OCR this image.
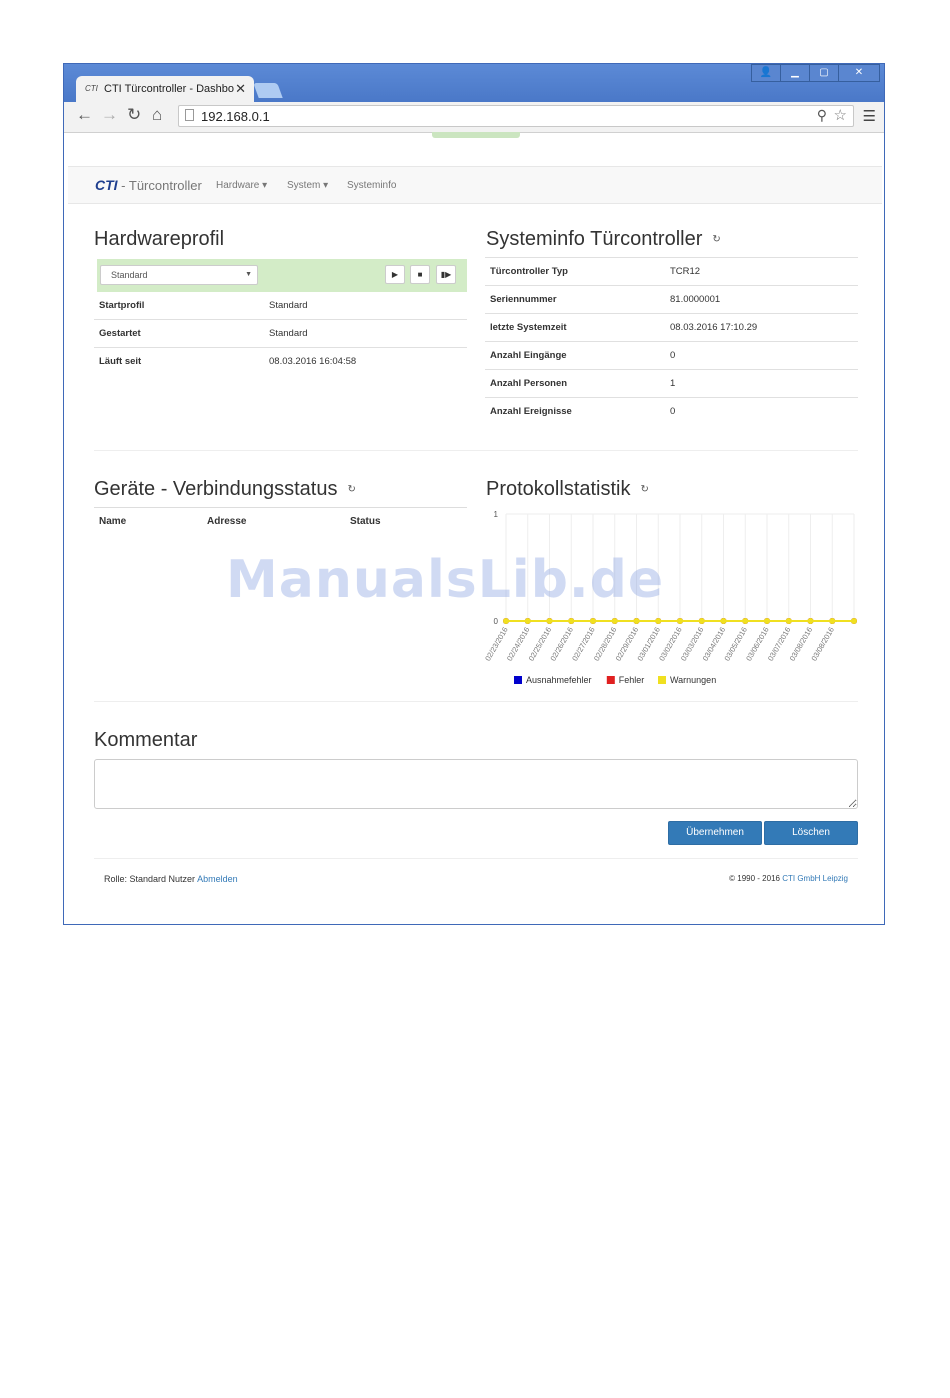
CTI CTI Türcontroller - Dashbo ✕
👤	▁	▢	✕
← → ↻ ⌂	192.168.0.1	⚲ ☆ ☰
CTI - Türcontroller Hardware ▾ System ▾ Systeminfo
Hardwareprofil
Standard	▼	▶	■	▮▶
Startprofil	Standard
Gestartet	Standard
Läuft seit	08.03.2016 16:04:58
Systeminfo Türcontroller ↻
Türcontroller Typ	TCR12
Seriennummer	81.0000001
letzte Systemzeit	08.03.2016 17:10.29
Anzahl Eingänge	0
Anzahl Personen	1
Anzahl Ereignisse	0
Geräte - Verbindungsstatus ↻
Name	Adresse	Status
Protokollstatistik ↻
0
1
02/23/2016
02/24/2016
02/25/2016
02/26/2016
02/27/2016
02/28/2016
02/29/2016
03/01/2016
03/02/2016
03/03/2016
03/04/2016
03/05/2016
03/06/2016
03/07/2016
03/08/2016
03/08/2016
Ausnahmefehler	Fehler	Warnungen
Kommentar
Übernehmen	Löschen
Rolle: Standard Nutzer Abmelden	© 1990 - 2016 CTI GmbH Leipzig
ManualsLib.de
